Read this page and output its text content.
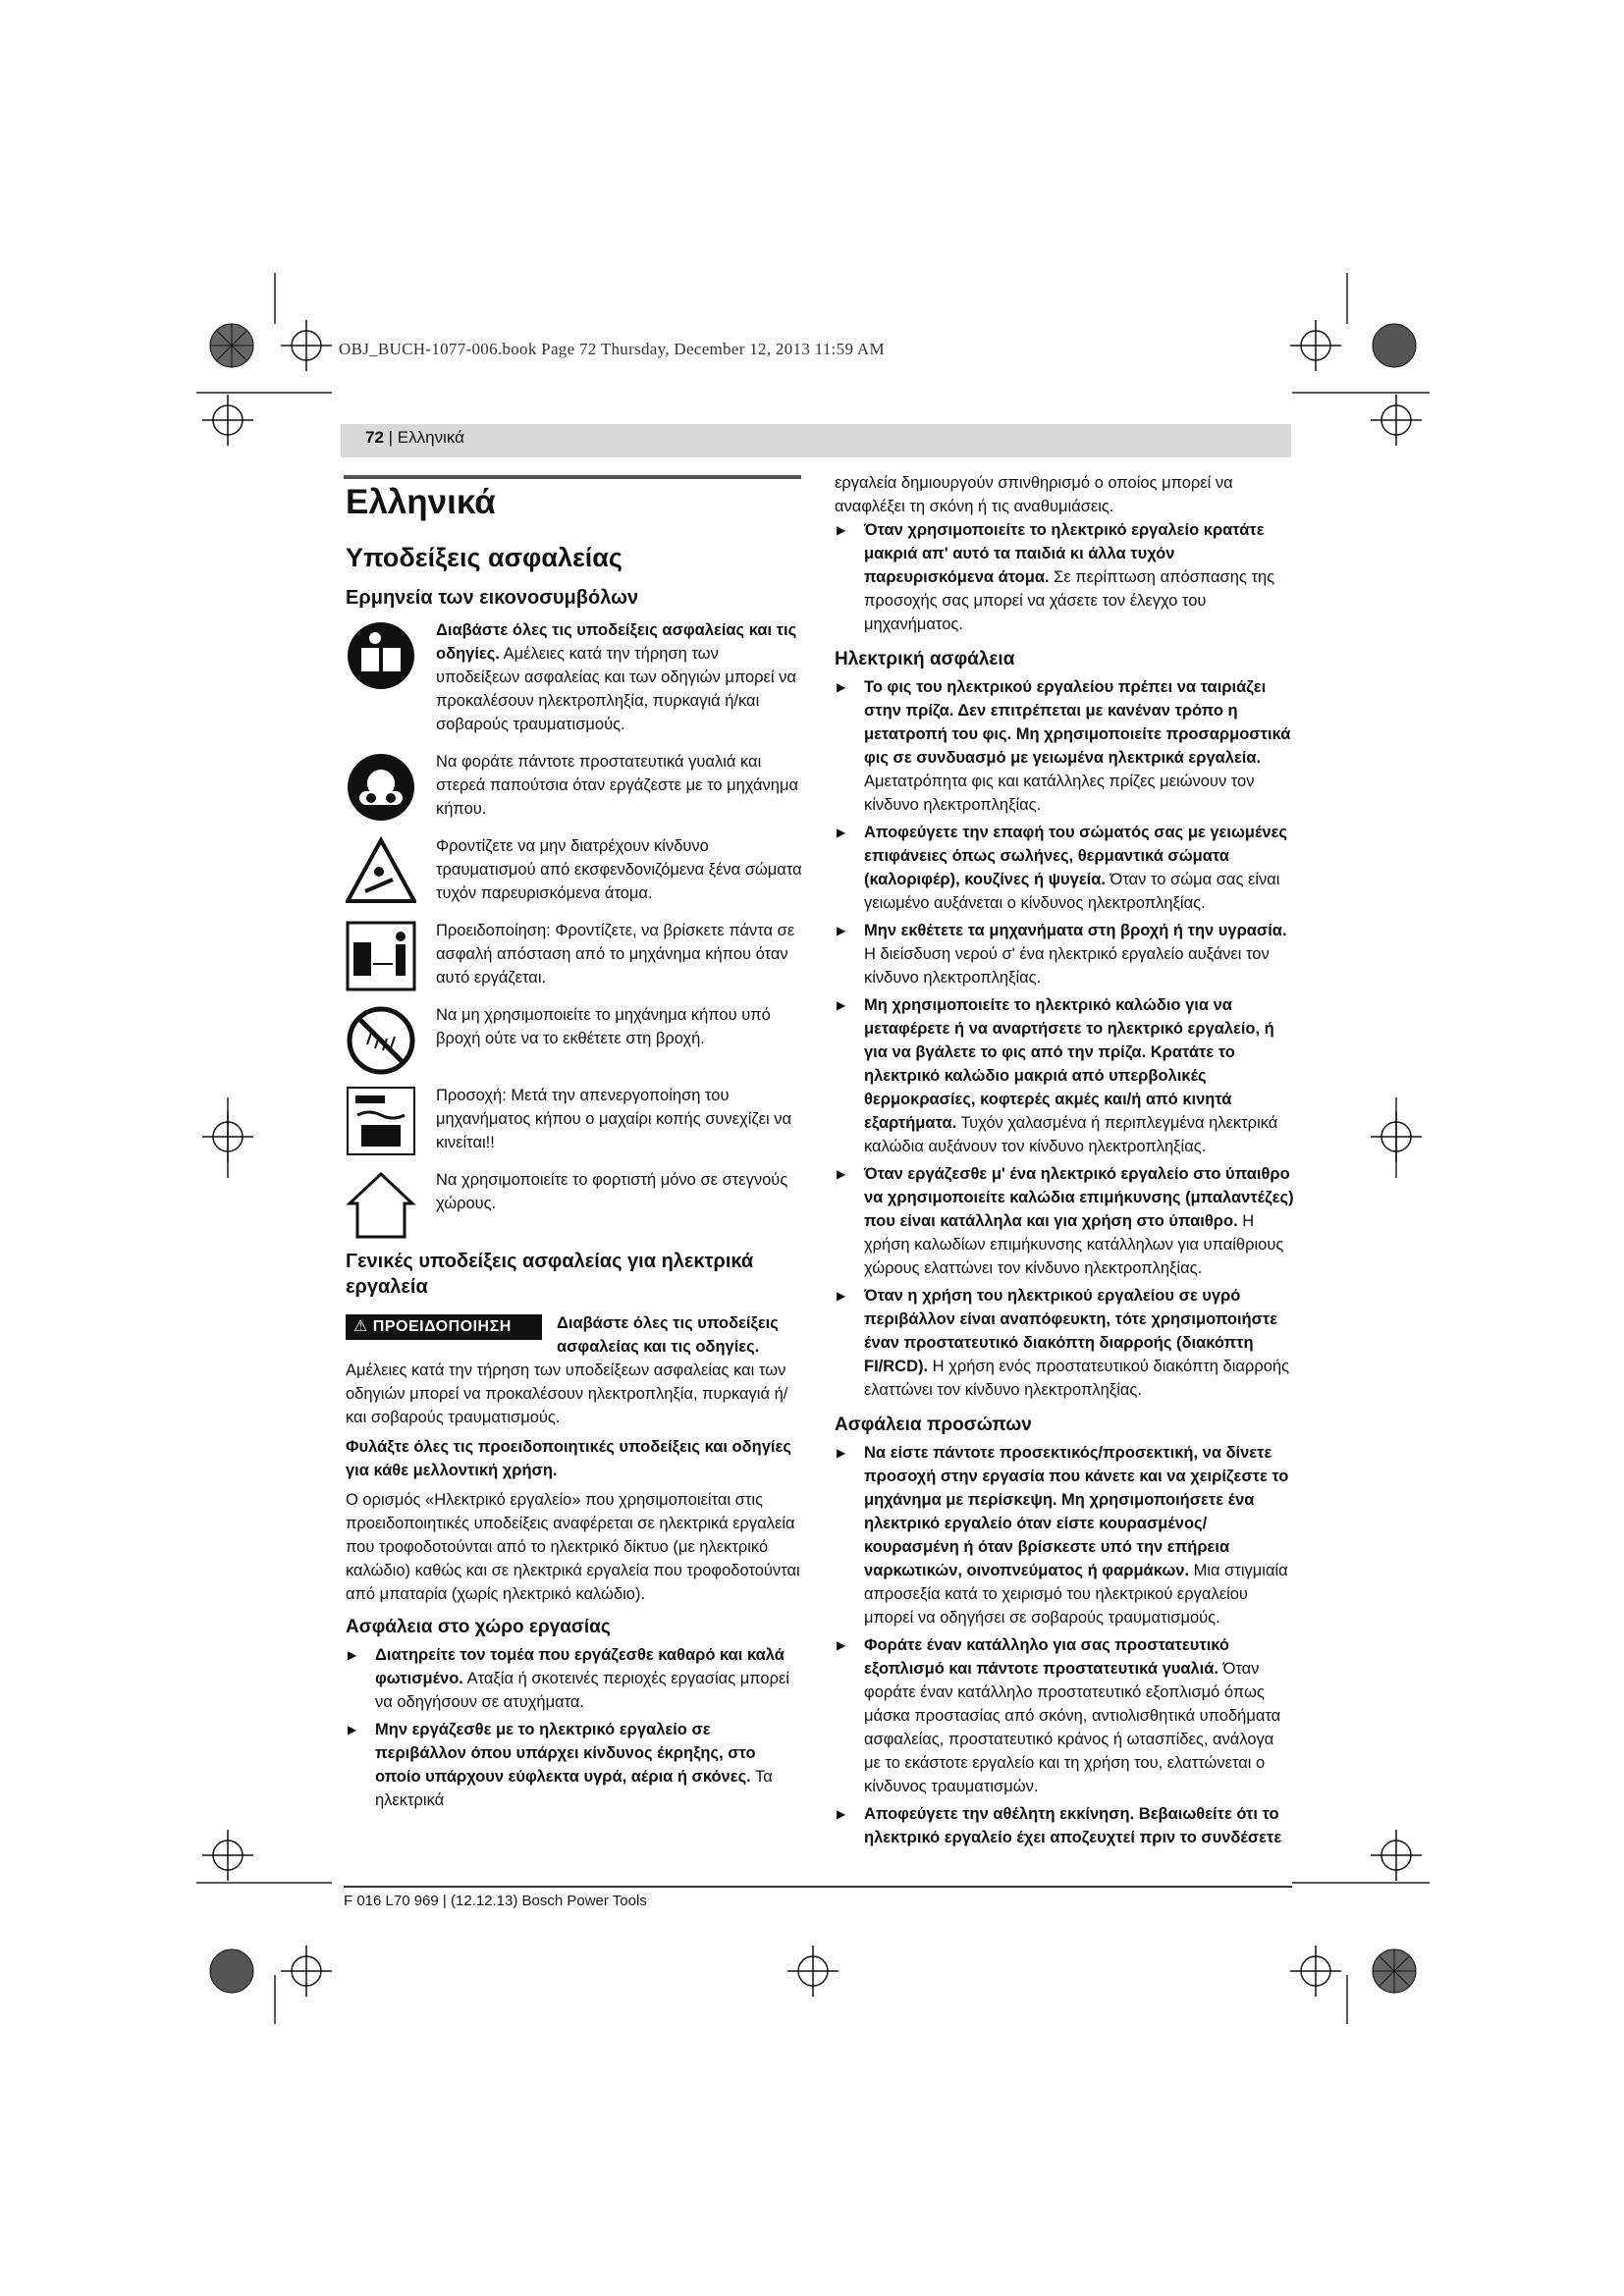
OBJ_BUCH-1077-006.book Page 72 Thursday, December 12, 2013 11:59 AM
72 | Ελληνικά
Ελληνικά
Υποδείξεις ασφαλείας
Ερμηνεία των εικονοσυμβόλων

Διαβάστε όλες τις υποδείξεις ασφαλείας και τις οδηγίες. Αμέλειες κατά την τήρηση των υποδείξεων ασφαλείας και των οδηγιών μπορεί να προκαλέσουν ηλεκτροπληξία, πυρκαγιά ή/και σοβαρούς τραυματισμούς.

Να φοράτε πάντοτε προστατευτικά γυαλιά και στερεά παπούτσια όταν εργάζεστε με το μηχάνημα κήπου.

Φροντίζετε να μην διατρέχουν κίνδυνο τραυματισμού από εκσφενδονιζόμενα ξένα σώματα τυχόν παρευρισκόμενα άτομα.

Προειδοποίηση: Φροντίζετε, να βρίσκετε πάντα σε ασφαλή απόσταση από το μηχάνημα κήπου όταν αυτό εργάζεται.

Να μη χρησιμοποιείτε το μηχάνημα κήπου υπό βροχή ούτε να το εκθέτετε στη βροχή.

Προσοχή: Μετά την απενεργοποίηση του μηχανήματος κήπου ο μαχαίρι κοπής συνεχίζει να κινείται!!

Να χρησιμοποιείτε το φορτιστή μόνο σε στεγνούς χώρους.

Γενικές υποδείξεις ασφαλείας για ηλεκτρικά εργαλεία
⚠ ΠΡΟΕΙΔΟΠΟΙΗΣΗ	Διαβάστε όλες τις υποδείξεις ασφαλείας και τις οδηγίες.

Αμέλειες κατά την τήρηση των υποδείξεων ασφαλείας και των οδηγιών μπορεί να προκαλέσουν ηλεκτροπληξία, πυρκαγιά ή/και σοβαρούς τραυματισμούς.

Φυλάξτε όλες τις προειδοποιητικές υποδείξεις και οδηγίες για κάθε μελλοντική χρήση.

Ο ορισμός «Ηλεκτρικό εργαλείο» που χρησιμοποιείται στις προειδοποιητικές υποδείξεις αναφέρεται σε ηλεκτρικά εργαλεία που τροφοδοτούνται από το ηλεκτρικό δίκτυο (με ηλεκτρικό καλώδιο) καθώς και σε ηλεκτρικά εργαλεία που τροφοδοτούνται από μπαταρία (χωρίς ηλεκτρικό καλώδιο).

Ασφάλεια στο χώρο εργασίας
▶ Διατηρείτε τον τομέα που εργάζεσθε καθαρό και καλά φωτισμένο. Αταξία ή σκοτεινές περιοχές εργασίας μπορεί να οδηγήσουν σε ατυχήματα.
▶ Μην εργάζεσθε με το ηλεκτρικό εργαλείο σε περιβάλλον όπου υπάρχει κίνδυνος έκρηξης, στο οποίο υπάρχουν εύφλεκτα υγρά, αέρια ή σκόνες. Τα ηλεκτρικά

εργαλεία δημιουργούν σπινθηρισμό ο οποίος μπορεί να αναφλέξει τη σκόνη ή τις αναθυμιάσεις.

▶ Όταν χρησιμοποιείτε το ηλεκτρικό εργαλείο κρατάτε μακριά απ' αυτό τα παιδιά κι άλλα τυχόν παρευρισκόμενα άτομα. Σε περίπτωση απόσπασης της προσοχής σας μπορεί να χάσετε τον έλεγχο του μηχανήματος.
Ηλεκτρική ασφάλεια
▶ Το φις του ηλεκτρικού εργαλείου πρέπει να ταιριάζει στην πρίζα. Δεν επιτρέπεται με κανέναν τρόπο η μετατροπή του φις. Μη χρησιμοποιείτε προσαρμοστικά φις σε συνδυασμό με γειωμένα ηλεκτρικά εργαλεία. Αμετατρόπητα φις και κατάλληλες πρίζες μειώνουν τον κίνδυνο ηλεκτροπληξίας.
▶ Αποφεύγετε την επαφή του σώματός σας με γειωμένες επιφάνειες όπως σωλήνες, θερμαντικά σώματα (καλοριφέρ), κουζίνες ή ψυγεία. Όταν το σώμα σας είναι γειωμένο αυξάνεται ο κίνδυνος ηλεκτροπληξίας.
▶ Μην εκθέτετε τα μηχανήματα στη βροχή ή την υγρασία. Η διείσδυση νερού σ' ένα ηλεκτρικό εργαλείο αυξάνει τον κίνδυνο ηλεκτροπληξίας.
▶ Μη χρησιμοποιείτε το ηλεκτρικό καλώδιο για να μεταφέρετε ή να αναρτήσετε το ηλεκτρικό εργαλείο, ή για να βγάλετε το φις από την πρίζα. Κρατάτε το ηλεκτρικό καλώδιο μακριά από υπερβολικές θερμοκρασίες, κοφτερές ακμές και/ή από κινητά εξαρτήματα. Τυχόν χαλασμένα ή περιπλεγμένα ηλεκτρικά καλώδια αυξάνουν τον κίνδυνο ηλεκτροπληξίας.
▶ Όταν εργάζεσθε μ' ένα ηλεκτρικό εργαλείο στο ύπαιθρο να χρησιμοποιείτε καλώδια επιμήκυνσης (μπαλαντέζες) που είναι κατάλληλα και για χρήση στο ύπαιθρο. Η χρήση καλωδίων επιμήκυνσης κατάλληλων για υπαίθριους χώρους ελαττώνει τον κίνδυνο ηλεκτροπληξίας.
▶ Όταν η χρήση του ηλεκτρικού εργαλείου σε υγρό περιβάλλον είναι αναπόφευκτη, τότε χρησιμοποιήστε έναν προστατευτικό διακόπτη διαρροής (διακόπτη FI/RCD). Η χρήση ενός προστατευτικού διακόπτη διαρροής ελαττώνει τον κίνδυνο ηλεκτροπληξίας.
Ασφάλεια προσώπων
▶ Να είστε πάντοτε προσεκτικός/προσεκτική, να δίνετε προσοχή στην εργασία που κάνετε και να χειρίζεστε το μηχάνημα με περίσκεψη. Μη χρησιμοποιήσετε ένα ηλεκτρικό εργαλείο όταν είστε κουρασμένος/κουρασμένη ή όταν βρίσκεστε υπό την επήρεια ναρκωτικών, οινοπνεύματος ή φαρμάκων. Μια στιγμιαία απροσεξία κατά το χειρισμό του ηλεκτρικού εργαλείου μπορεί να οδηγήσει σε σοβαρούς τραυματισμούς.
▶ Φοράτε έναν κατάλληλο για σας προστατευτικό εξοπλισμό και πάντοτε προστατευτικά γυαλιά. Όταν φοράτε έναν κατάλληλο προστατευτικό εξοπλισμό όπως μάσκα προστασίας από σκόνη, αντιολισθητικά υποδήματα ασφαλείας, προστατευτικό κράνος ή ωτασπίδες, ανάλογα με το εκάστοτε εργαλείο και τη χρήση του, ελαττώνεται ο κίνδυνος τραυματισμών.
▶ Αποφεύγετε την αθέλητη εκκίνηση. Βεβαιωθείτε ότι το ηλεκτρικό εργαλείο έχει αποζευχτεί πριν το συνδέσετε
F 016 L70 969 | (12.12.13) Bosch Power Tools
